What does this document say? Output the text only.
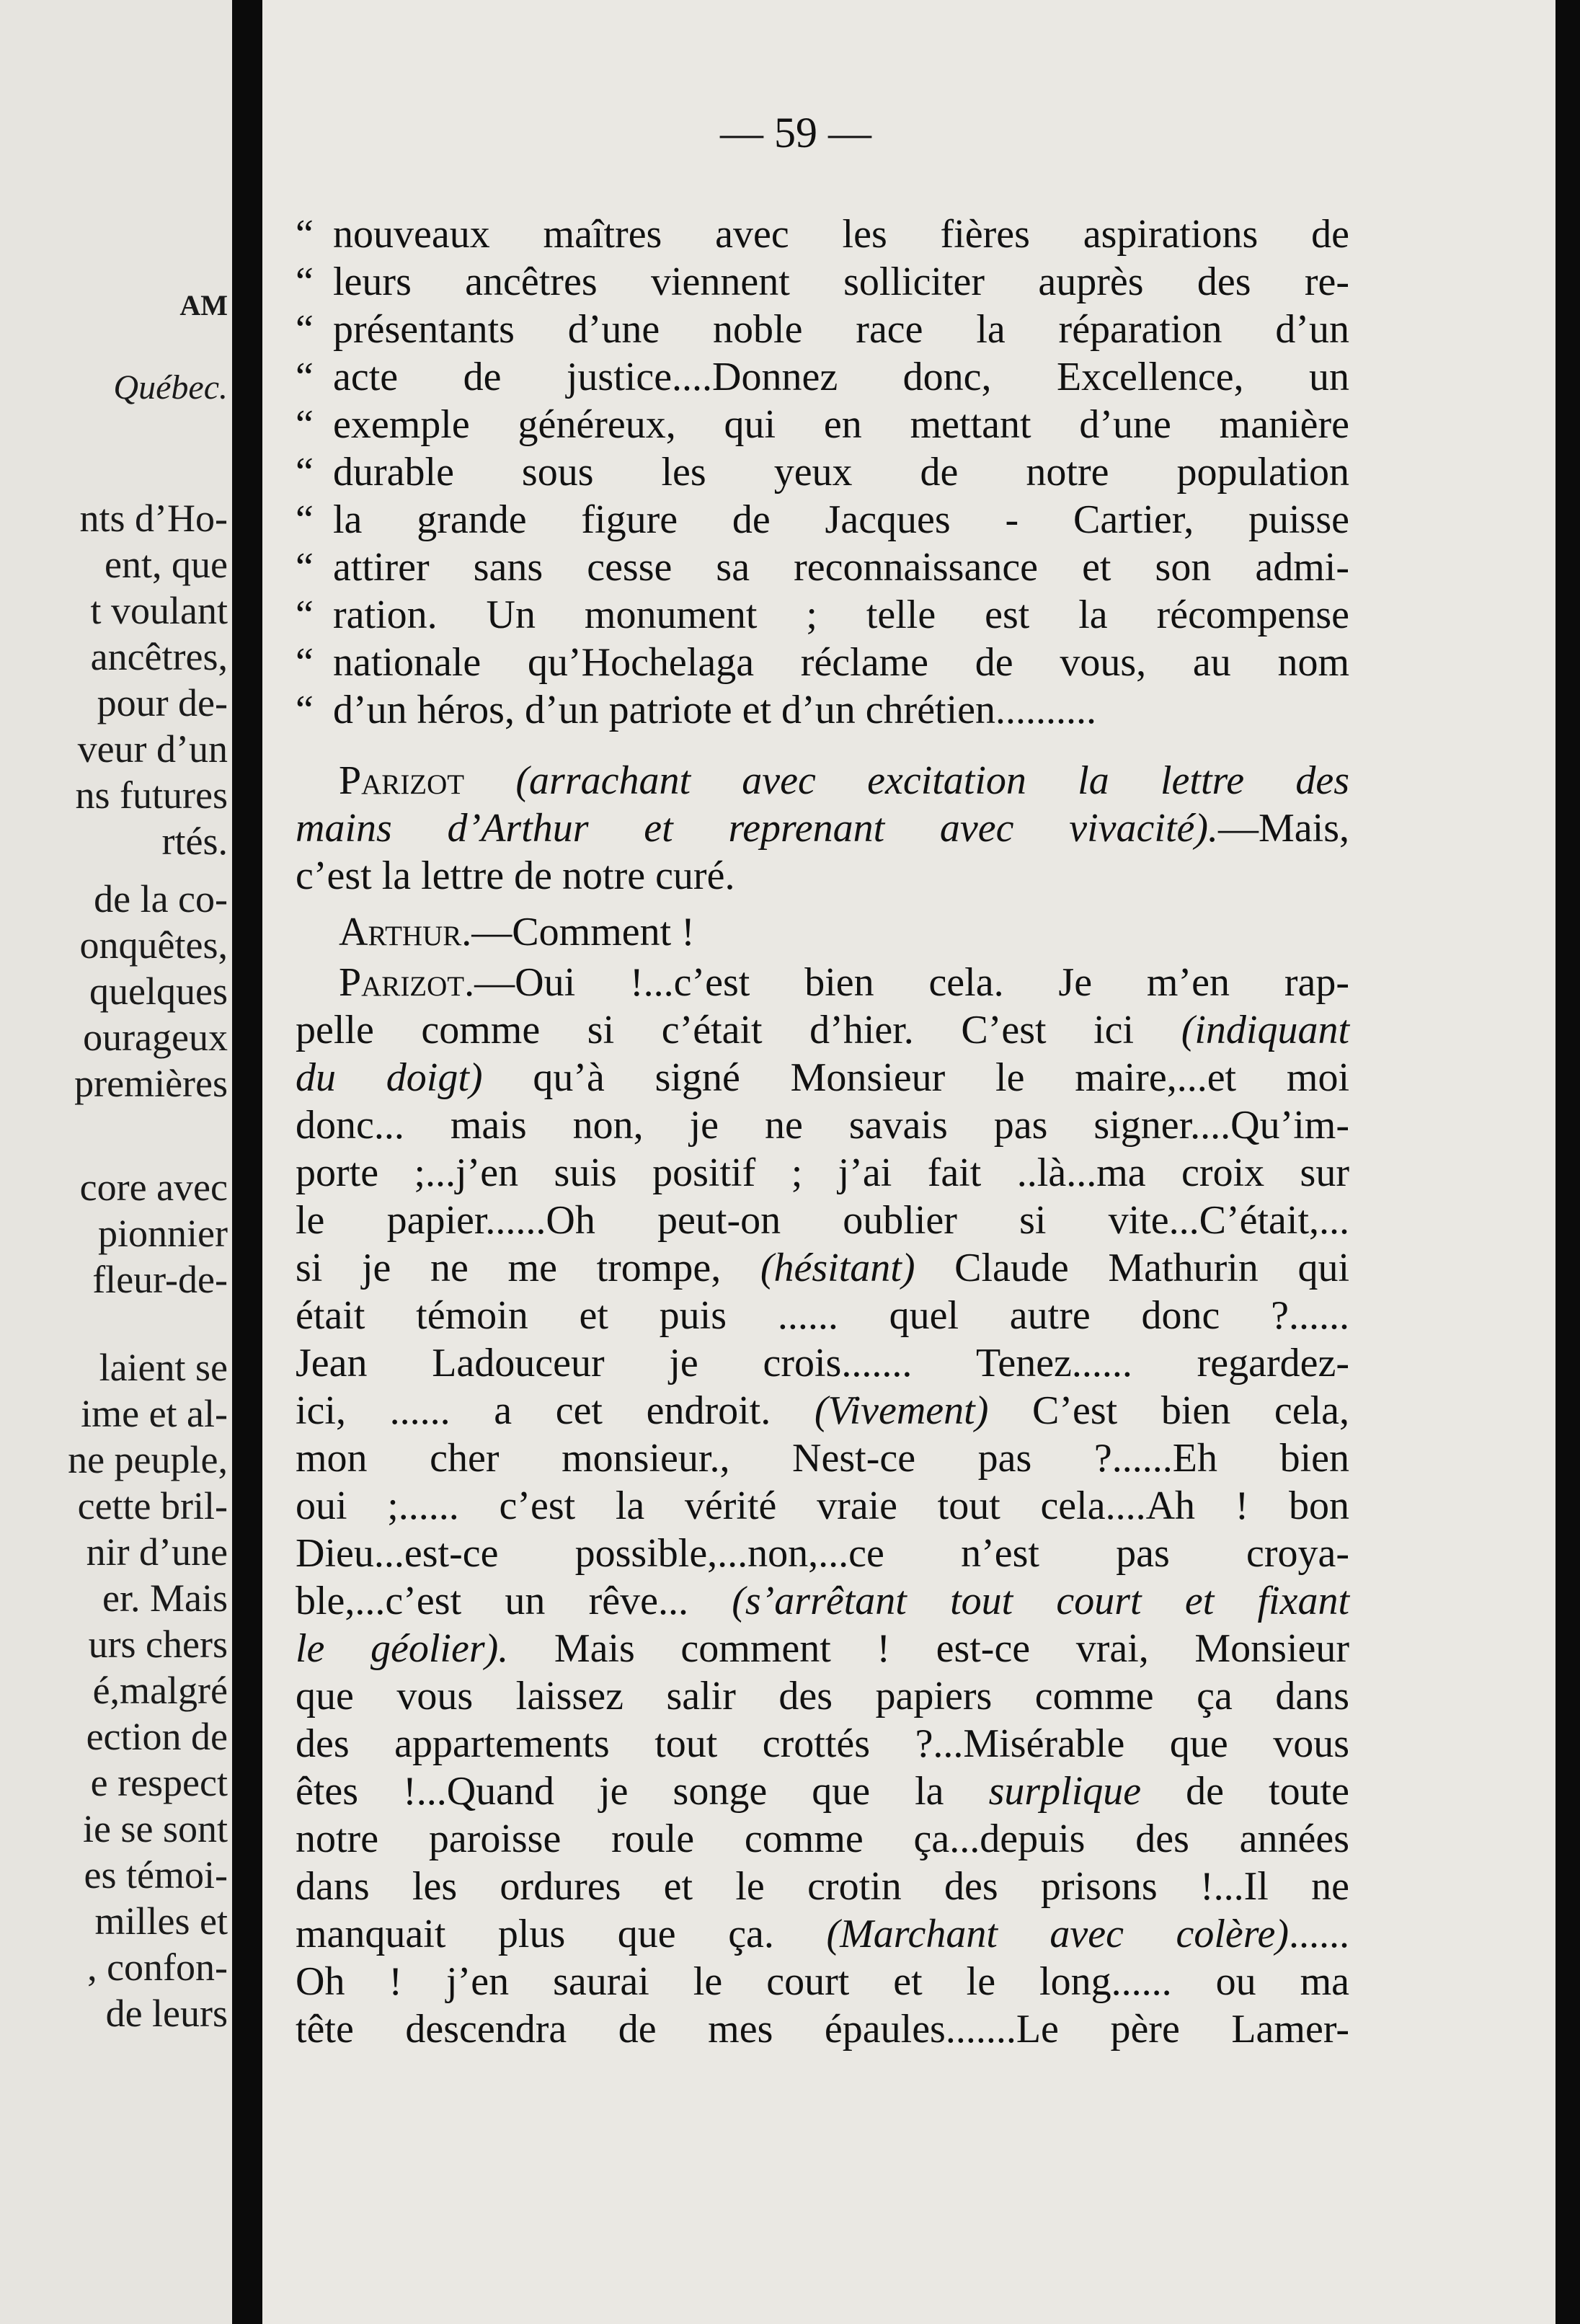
AM
Québec.
nts d’Ho-
ent, que
t voulant
ancêtres,
pour de-
veur d’un
ns futures
rtés.
de la co-
onquêtes,
quelques
ourageux
premières
core avec
pionnier
fleur-de-
laient se
ime et al-
ne peuple,
cette bril-
nir d’une
er. Mais
urs chers
é,malgré
ection de
e respect
ie se sont
es témoi-
milles et
, confon-
de leurs
— 59 —
“ nouveaux maîtres avec les fières aspirations de
“ leurs ancêtres viennent solliciter auprès des re-
“ présentants d’une noble race la réparation d’un
“ acte de justice....Donnez donc, Excellence, un
“ exemple généreux, qui en mettant d’une manière
“ durable sous les yeux de notre population
“ la grande figure de Jacques - Cartier, puisse
“ attirer sans cesse sa reconnaissance et son admi-
“ ration. Un monument ; telle est la récompense
“ nationale qu’Hochelaga réclame de vous, au nom
“ d’un héros, d’un patriote et d’un chrétien..........
Parizot (arrachant avec excitation la lettre des
mains d’Arthur et reprenant avec vivacité).—Mais,
c’est la lettre de notre curé.
Arthur.—Comment !
Parizot.—Oui !...c’est bien cela. Je m’en rap-
pelle comme si c’était d’hier. C’est ici (indiquant
du doigt) qu’à signé Monsieur le maire,...et moi
donc... mais non, je ne savais pas signer....Qu’im-
porte ;...j’en suis positif ; j’ai fait ..là...ma croix sur
le papier......Oh peut-on oublier si vite...C’était,...
si je ne me trompe, (hésitant) Claude Mathurin qui
était témoin et puis ...... quel autre donc ?......
Jean Ladouceur je crois....... Tenez...... regardez-
ici, ...... a cet endroit. (Vivement) C’est bien cela,
mon cher monsieur., Nest-ce pas ?......Eh bien
oui ;...... c’est la vérité vraie tout cela....Ah ! bon
Dieu...est-ce possible,...non,...ce n’est pas croya-
ble,...c’est un rêve... (s’arrêtant tout court et fixant
le géolier). Mais comment ! est-ce vrai, Monsieur
que vous laissez salir des papiers comme ça dans
des appartements tout crottés ?...Misérable que vous
êtes !...Quand je songe que la surplique de toute
notre paroisse roule comme ça...depuis des années
dans les ordures et le crotin des prisons !...Il ne
manquait plus que ça. (Marchant avec colère)......
Oh ! j’en saurai le court et le long...... ou ma
tête descendra de mes épaules.......Le père Lamer-
